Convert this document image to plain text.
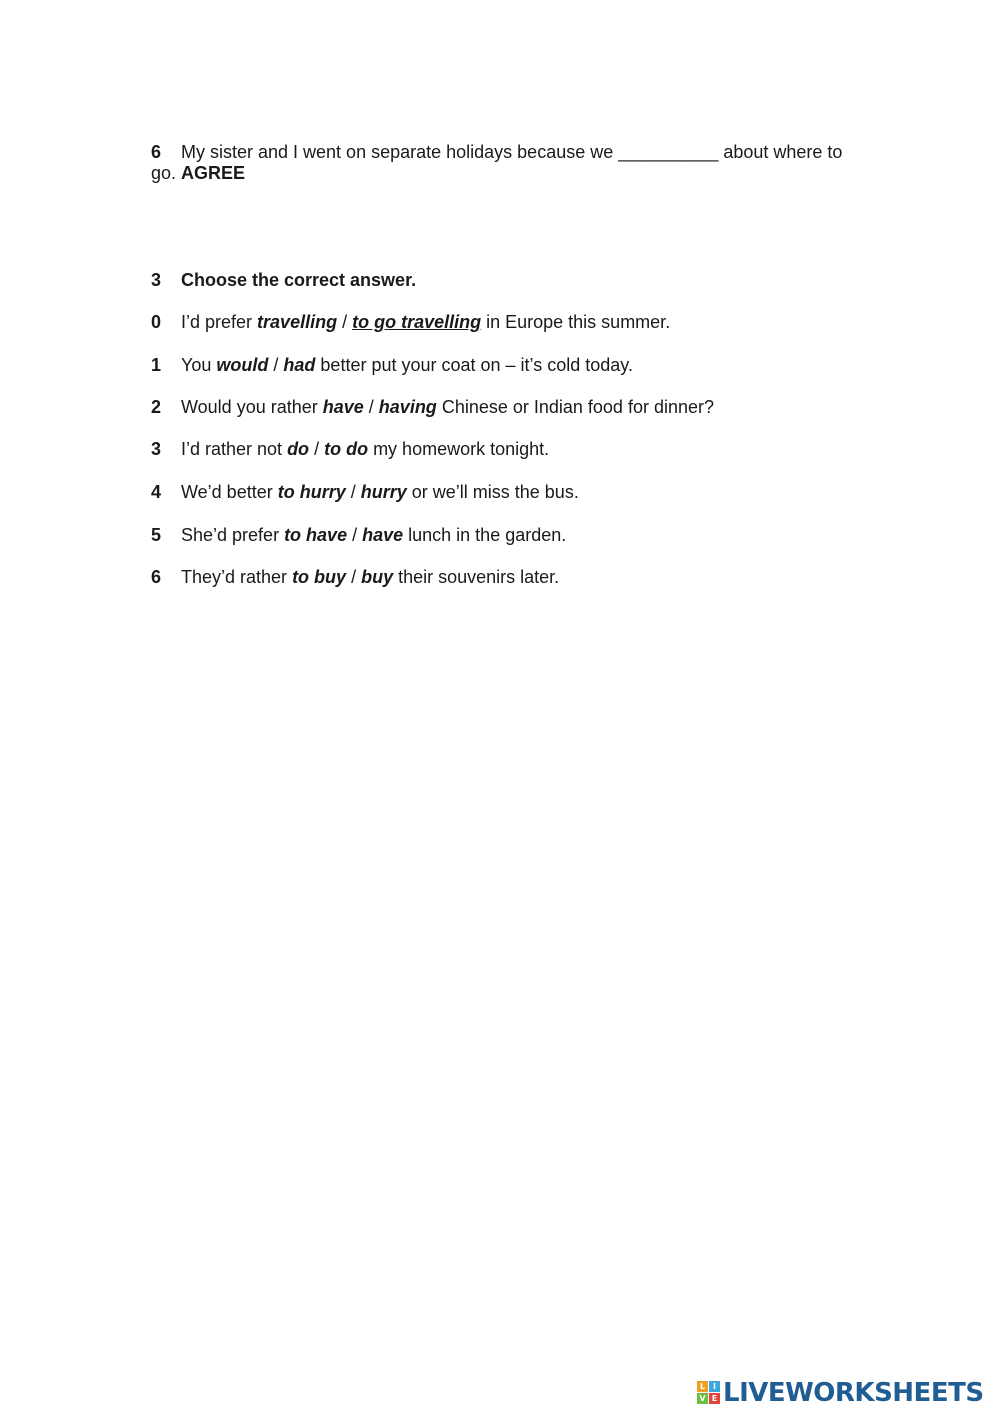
6 My sister and I went on separate holidays because we __________ about where to
go. AGREE
3 Choose the correct answer.
0 I’d prefer travelling / to go travelling in Europe this summer.
1 You would / had better put your coat on – it’s cold today.
2 Would you rather have / having Chinese or Indian food for dinner?
3 I’d rather not do / to do my homework tonight.
4 We’d better to hurry / hurry or we’ll miss the bus.
5 She’d prefer to have / have lunch in the garden.
6 They’d rather to buy / buy their souvenirs later.
L I
V E LIVEWORKSHEETS
